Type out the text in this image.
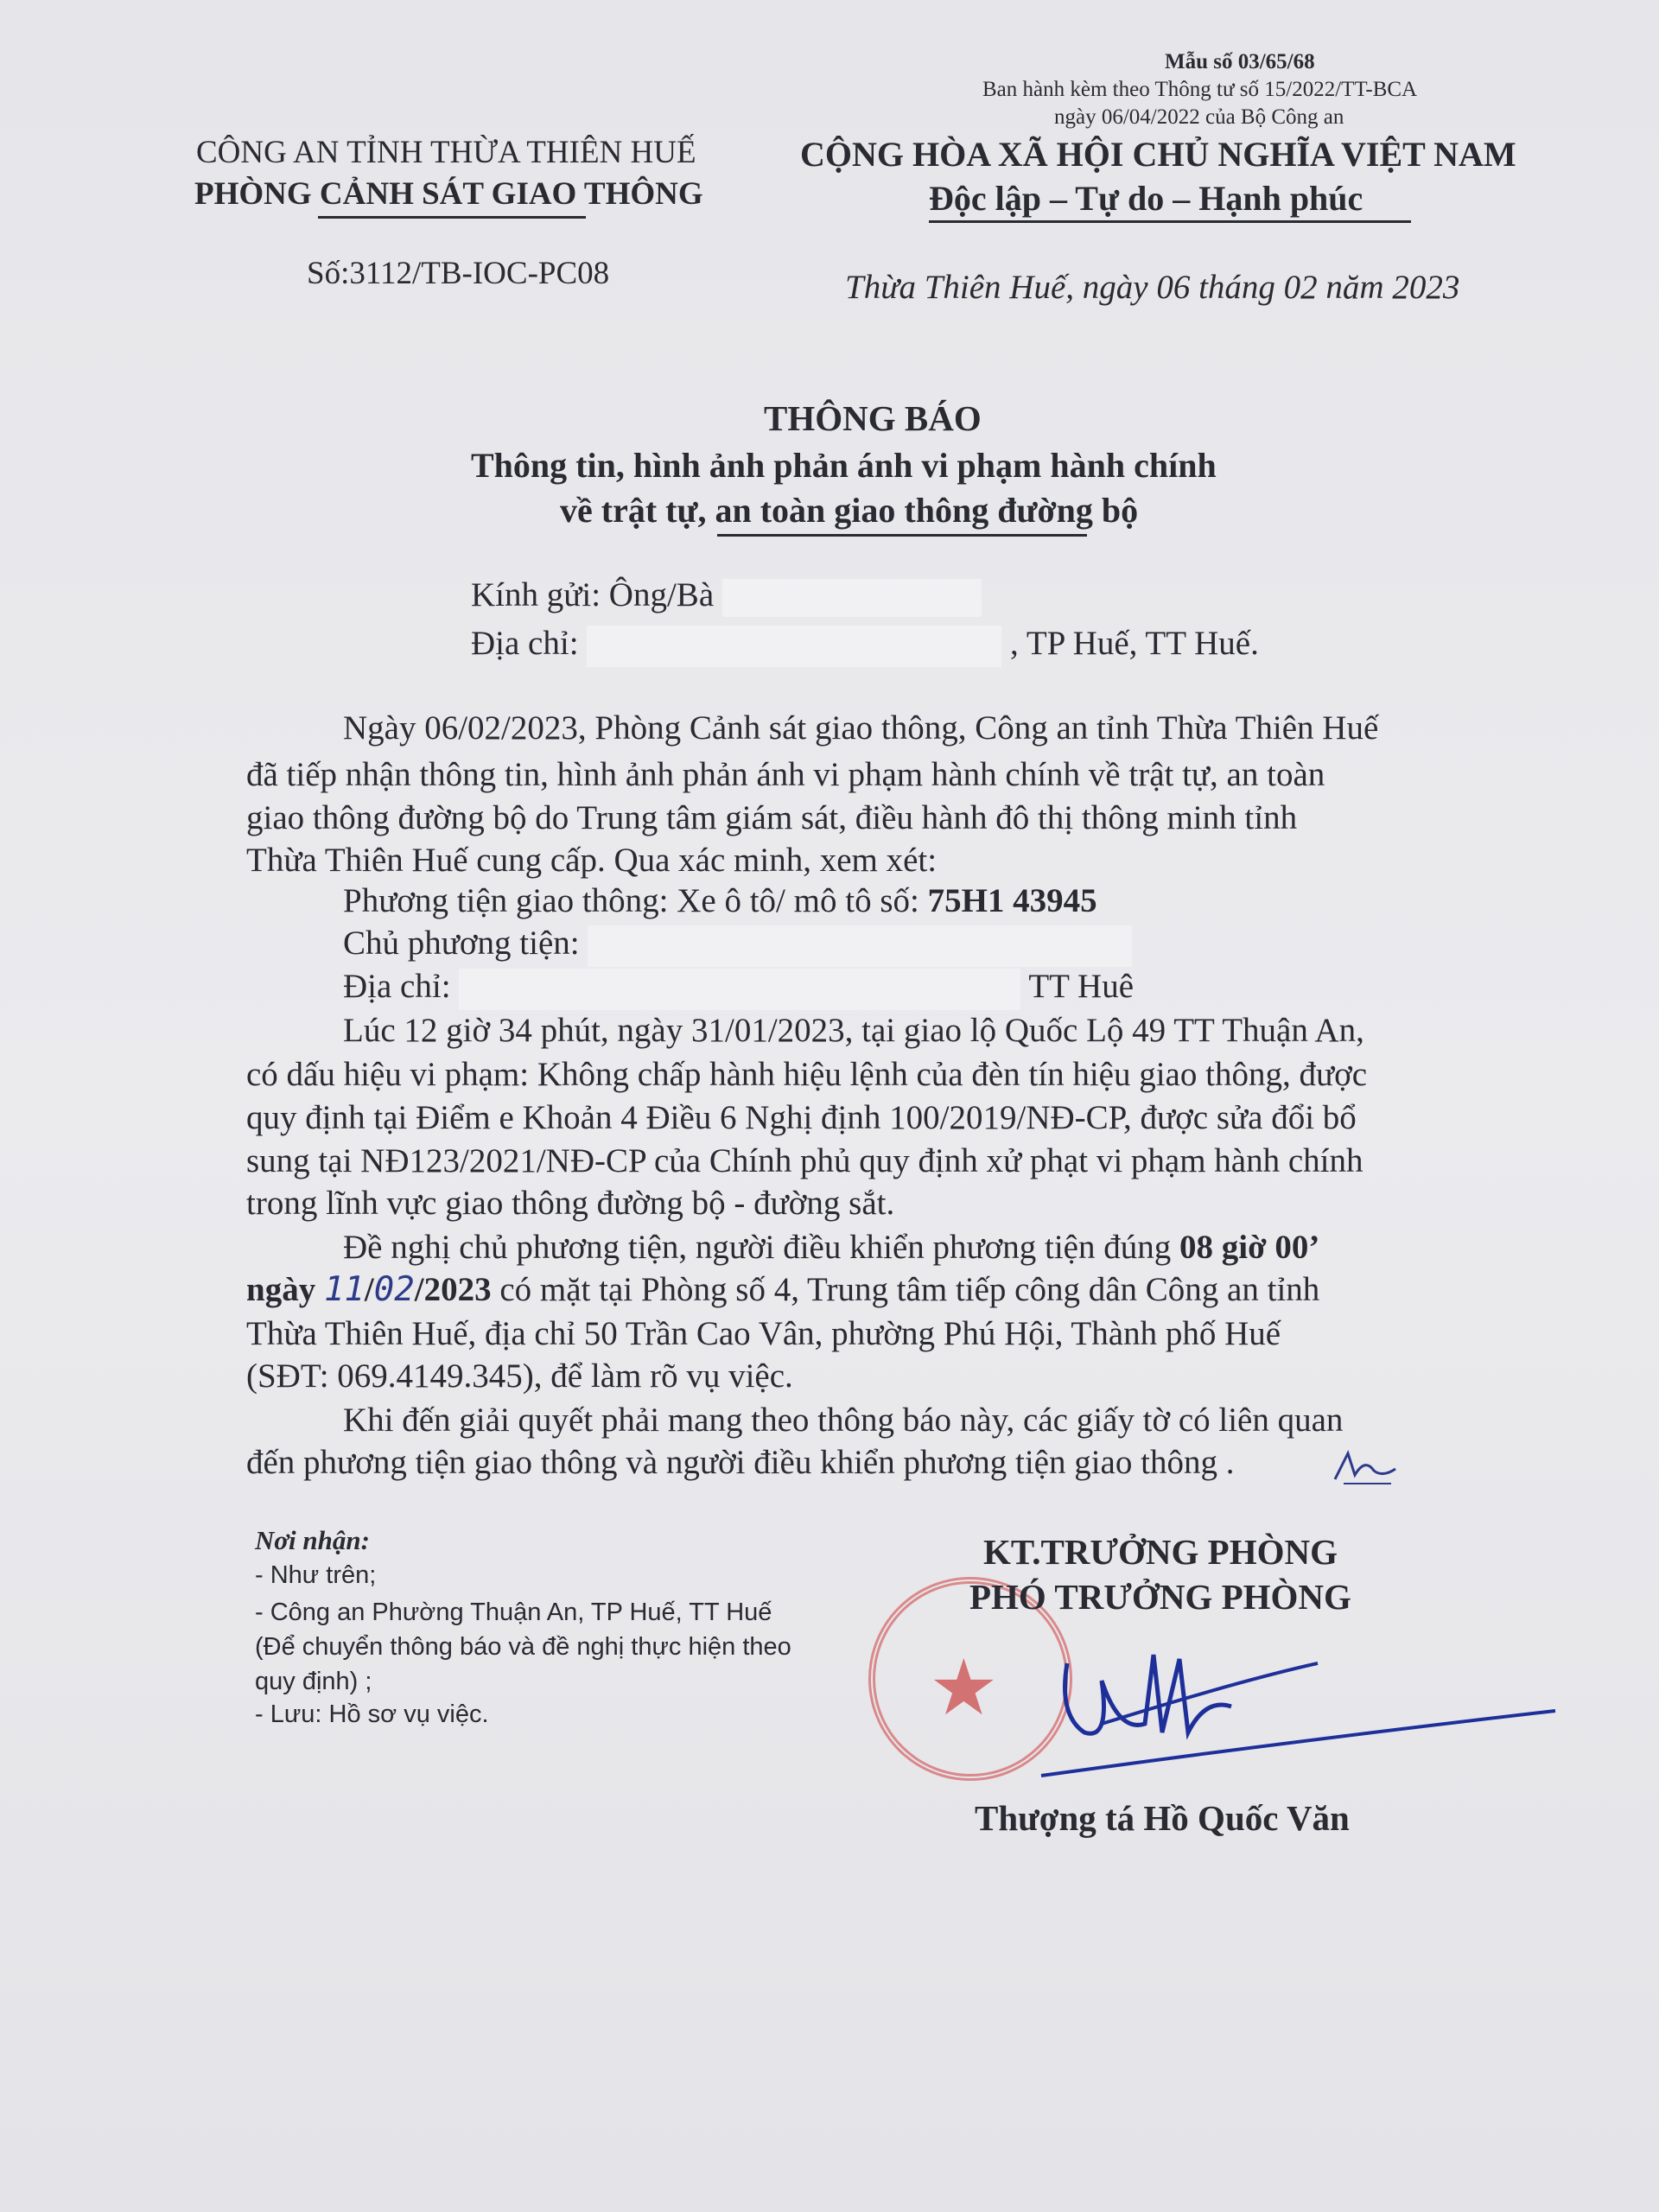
Mẫu số 03/65/68
Ban hành kèm theo Thông tư số 15/2022/TT-BCA
ngày 06/04/2022 của Bộ Công an
CÔNG AN TỈNH THỪA THIÊN HUẾ
PHÒNG CẢNH SÁT GIAO THÔNG
Số:3112/TB-IOC-PC08
CỘNG HÒA XÃ HỘI CHỦ NGHĨA VIỆT NAM
Độc lập – Tự do – Hạnh phúc
Thừa Thiên Huế, ngày 06 tháng 02 năm 2023
THÔNG BÁO
Thông tin, hình ảnh phản ánh vi phạm hành chính
về trật tự, an toàn giao thông đường bộ
Kính gửi: Ông/Bà
Địa chỉ:	, TP Huế, TT Huế.
Ngày 06/02/2023, Phòng Cảnh sát giao thông, Công an tỉnh Thừa Thiên Huế
đã tiếp nhận thông tin, hình ảnh phản ánh vi phạm hành chính về trật tự, an toàn
giao thông đường bộ do Trung tâm giám sát, điều hành đô thị thông minh tỉnh
Thừa Thiên Huế cung cấp. Qua xác minh, xem xét:
Phương tiện giao thông: Xe ô tô/ mô tô số: 75H1 43945
Chủ phương tiện:
Địa chỉ:	TT Huê
Lúc 12 giờ 34 phút, ngày 31/01/2023, tại giao lộ Quốc Lộ 49 TT Thuận An,
có dấu hiệu vi phạm: Không chấp hành hiệu lệnh của đèn tín hiệu giao thông, được
quy định tại Điểm e Khoản 4 Điều 6 Nghị định 100/2019/NĐ-CP, được sửa đổi bổ
sung tại NĐ123/2021/NĐ-CP của Chính phủ quy định xử phạt vi phạm hành chính
trong lĩnh vực giao thông đường bộ - đường sắt.
Đề nghị chủ phương tiện, người điều khiển phương tiện đúng 08 giờ 00’
ngày 11/02/2023 có mặt tại Phòng số 4, Trung tâm tiếp công dân Công an tỉnh
Thừa Thiên Huế, địa chỉ 50 Trần Cao Vân, phường Phú Hội, Thành phố Huế
(SĐT: 069.4149.345), để làm rõ vụ việc.
Khi đến giải quyết phải mang theo thông báo này, các giấy tờ có liên quan
đến phương tiện giao thông và người điều khiển phương tiện giao thông .
Nơi nhận:
- Như trên;
- Công an Phường Thuận An, TP Huế, TT Huế
(Để chuyển thông báo và đề nghị thực hiện theo
quy định) ;
- Lưu: Hồ sơ vụ việc.	★
KT.TRƯỞNG PHÒNG
PHÓ TRƯỞNG PHÒNG
Thượng tá Hồ Quốc Văn
